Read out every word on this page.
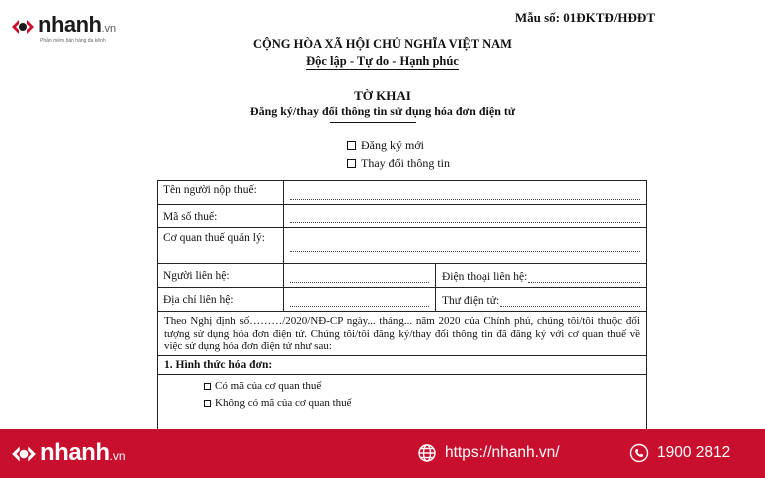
nhanh.vn
Phần mềm bán hàng đa kênh
Mẫu số: 01ĐKTĐ/HĐĐT
CỘNG HÒA XÃ HỘI CHỦ NGHĨA VIỆT NAM
Độc lập - Tự do - Hạnh phúc
TỜ KHAI
Đăng ký/thay đổi thông tin sử dụng hóa đơn điện tử
Đăng ký mới
Thay đổi thông tin
Tên người nộp thuế:
Mã số thuế:
Cơ quan thuế quản lý:
Người liên hệ:	Điện thoại liên hệ:
Địa chỉ liên hệ:	Thư điện tử:
Theo Nghị định số………/2020/NĐ-CP ngày... tháng... năm 2020 của Chính phủ, chúng tôi/tôi thuộc đối tượng sử dụng hóa đơn điện tử. Chúng tôi/tôi đăng ký/thay đổi thông tin đã đăng ký với cơ quan thuế về việc sử dụng hóa đơn điện tử như sau:
1. Hình thức hóa đơn:
Có mã của cơ quan thuế
Không có mã của cơ quan thuế
nhanh.vn	https://nhanh.vn/	1900 2812
